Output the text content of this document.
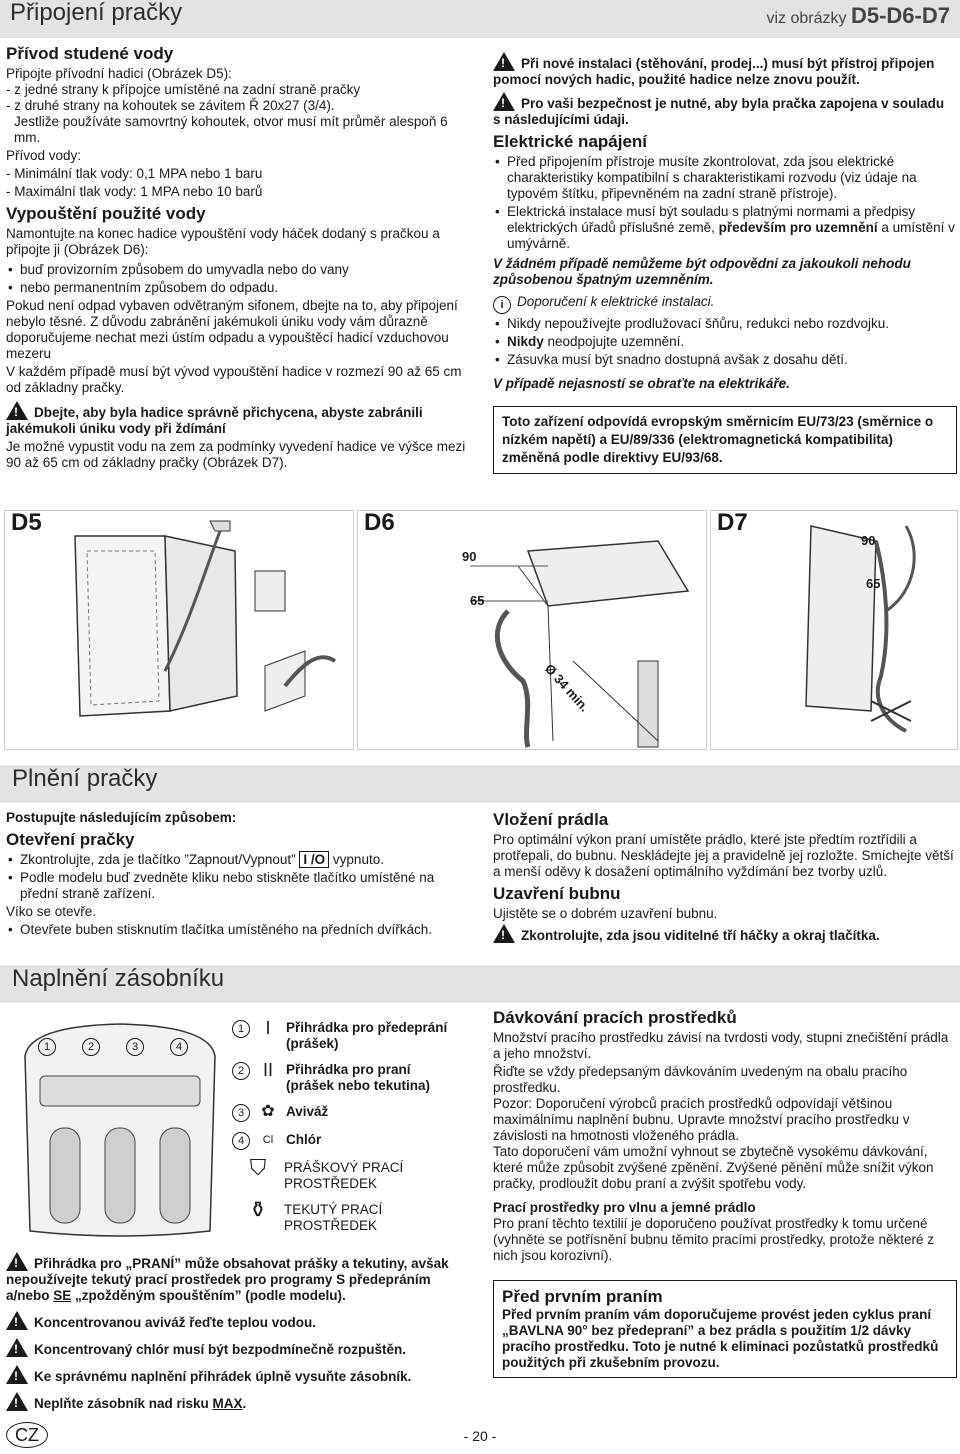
Připojení pračky	viz obrázky D5-D6-D7
Přívod studené vody

Připojte přívodní hadici (Obrázek D5):

- z jedné strany k přípojce umístěné na zadní straně pračky

- z druhé strany na kohoutek se závitem Ř 20x27 (3/4).

Jestliže používáte samovrtný kohoutek, otvor musí mít průměr alespoň 6 mm.

Přívod vody:

- Minimální tlak vody: 0,1 MPA nebo 1 baru

- Maximální tlak vody: 1 MPA nebo 10 barů

Vypouštění použité vody

Namontujte na konec hadice vypouštění vody háček dodaný s pračkou a připojte ji (Obrázek D6):

• buď provizorním způsobem do umyvadla nebo do vany

• nebo permanentním způsobem do odpadu.

Pokud není odpad vybaven odvětraným sifonem, dbejte na to, aby připojení nebylo těsné. Z důvodu zabránění jakémukoli úniku vody vám důrazně doporučujeme nechat mezi ústím odpadu a vypouštěcí hadicí vzduchovou mezeru

V každém případě musí být vývod vypouštění hadice v rozmezí 90 až 65 cm od základny pračky.

!Dbejte, aby byla hadice správně přichycena, abyste zabránili jakémukoli úniku vody při ždímání

Je možné vypustit vodu na zem za podmínky vyvedení hadice ve výšce mezi 90 až 65 cm od základny pračky (Obrázek D7).

!Při nové instalaci (stěhování, prodej...) musí být přístroj připojen pomocí nových hadic, použité hadice nelze znovu použít.

!Pro vaši bezpečnost je nutné, aby byla pračka zapojena v souladu s následujícími údaji.

Elektrické napájení

• Před připojením přístroje musíte zkontrolovat, zda jsou elektrické charakteristiky kompatibilní s charakteristikami rozvodu (viz údaje na typovém štítku, připevněném na zadní straně přístroje).

• Elektrická instalace musí být souladu s platnými normami a předpisy elektrických úřadů příslušné země, především pro uzemnění a umístění v umývárně.

V žádném případě nemůžeme být odpovědni za jakoukoli nehodu způsobenou špatným uzemněním.

i Doporučení k elektrické instalaci.

• Nikdy nepoužívejte prodlužovací šňůru, redukci nebo rozdvojku.

• Nikdy neodpojujte uzemnění.

• Zásuvka musí být snadno dostupná avšak z dosahu dětí.

V případě nejasností se obraťte na elektrikáře.

Toto zařízení odpovídá evropským směrnicím EU/73/23 (směrnice o nízkém napětí) a EU/89/336 (elektromagnetická kompatibilita) změněná podle direktivy EU/93/68.
D5	D6
90
65
Ø 34 min.
D7
90
65
Plnění pračky

Postupujte následujícím způsobem:

Otevření pračky

• Zkontrolujte, zda je tlačítko ”Zapnout/Vypnout” I /O vypnuto.

• Podle modelu buď zvedněte kliku nebo stiskněte tlačítko umístěné na přední straně zařízení.

Víko se otevře.

• Otevřete buben stisknutím tlačítka umístěného na předních dvířkách.

Vložení prádla

Pro optimální výkon praní umístěte prádlo, které jste předtím roztřídili a protřepali, do bubnu. Neskládejte jej a pravidelně jej rozložte. Smíchejte větší a menší oděvy k dosažení optimálního vyždímání bez tvorby uzlů.

Uzavření bubnu

Ujistěte se o dobrém uzavření bubnu.

!Zkontrolujte, zda jsou viditelné tří háčky a okraj tlačítka.

Naplnění zásobníku
1	2	3	4
1	I	Přihrádka pro předeprání (prášek)
2	II Přihrádka pro praní (prášek nebo tekutina)
3	✿ Aviváž
4	Cl Chlór
⛉	PRÁŠKOVÝ PRACÍ PROSTŘEDEK
⚱	TEKUTÝ PRACÍ PROSTŘEDEK

!Přihrádka pro „PRANÍ” může obsahovat prášky a tekutiny, avšak nepoužívejte tekutý prací prostředek pro programy S předepráním a/nebo SE „zpožděným spouštěním” (podle modelu).

!Koncentrovanou aviváž řeďte teplou vodou.

!Koncentrovaný chlór musí být bezpodmínečně rozpuštěn.

!Ke správnému naplnění přihrádek úplně vysuňte zásobník.

!Neplňte zásobník nad risku MAX.

Dávkování pracích prostředků

Množství pracího prostředku závisí na tvrdosti vody, stupni znečištění prádla a jeho množství.

Řiďte se vždy předepsaným dávkováním uvedeným na obalu pracího prostředku.

Pozor: Doporučení výrobců pracích prostředků odpovídají většinou maximálnímu naplnění bubnu. Upravte množství pracího prostředku v závislosti na hmotnosti vloženého prádla.

Tato doporučení vám umožní vyhnout se zbytečně vysokému dávkování, které může způsobit zvýšené zpěnění. Zvýšené pěnění může snížit výkon pračky, prodloužit dobu praní a zvýšit spotřebu vody.

Prací prostředky pro vlnu a jemné prádlo

Pro praní těchto textilií je doporučeno používat prostředky k tomu určené (vyhněte se potřísnění bubnu těmito pracími prostředky, protože některé z nich jsou korozivní).

Před prvním praním

Před prvním praním vám doporučujeme provést jeden cyklus praní „BAVLNA 90° bez předepraní” a bez prádla s použitím 1/2 dávky pracího prostředku. Toto je nutné k eliminaci pozůstatků prostředků použitých při zkušebním provozu.

CZ	- 20 -
